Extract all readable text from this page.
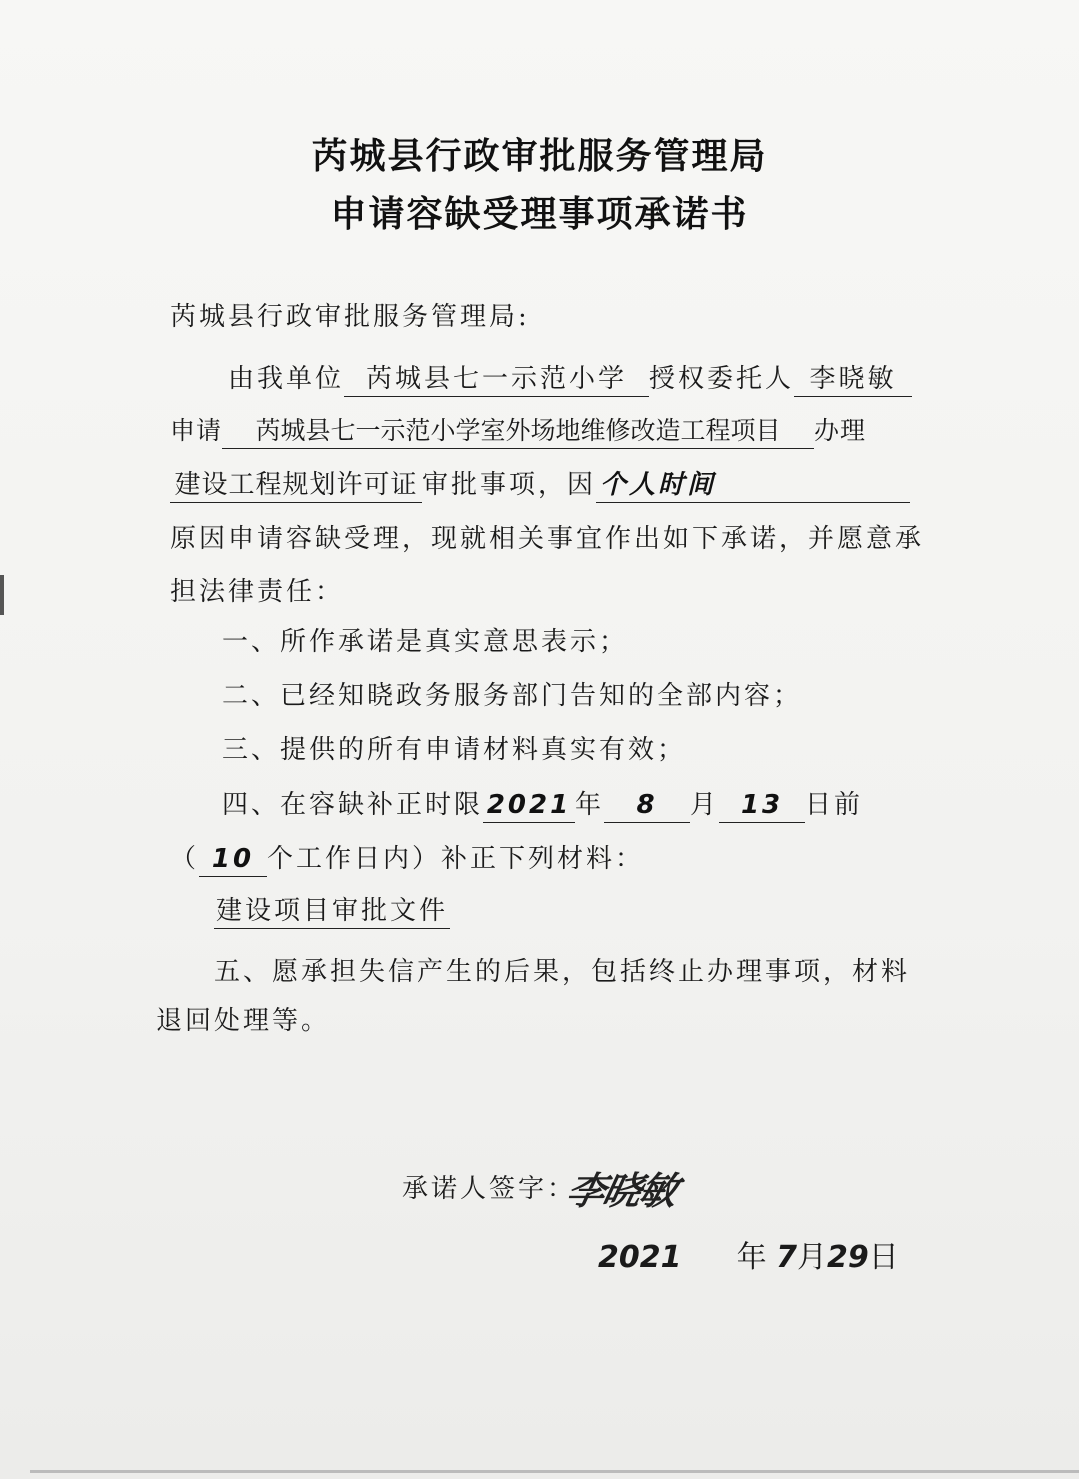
芮城县行政审批服务管理局
申请容缺受理事项承诺书
芮城县行政审批服务管理局:
由我单位 芮城县七一示范小学 授权委托人 李晓敏
申请 芮城县七一示范小学室外场地维修改造工程项目 办理
建设工程规划许可证 审批事项，因 个人时间
原因申请容缺受理，现就相关事宜作出如下承诺，并愿意承
担法律责任：
一、所作承诺是真实意思表示；
二、已经知晓政务服务部门告知的全部内容；
三、提供的所有申请材料真实有效；
四、在容缺补正时限 2021 年 8 月 13 日前
（ 10 个工作日内）补正下列材料：
建设项目审批文件
五、愿承担失信产生的后果，包括终止办理事项，材料
退回处理等。
承诺人签字：
李晓敏
2021 年 7月29日
